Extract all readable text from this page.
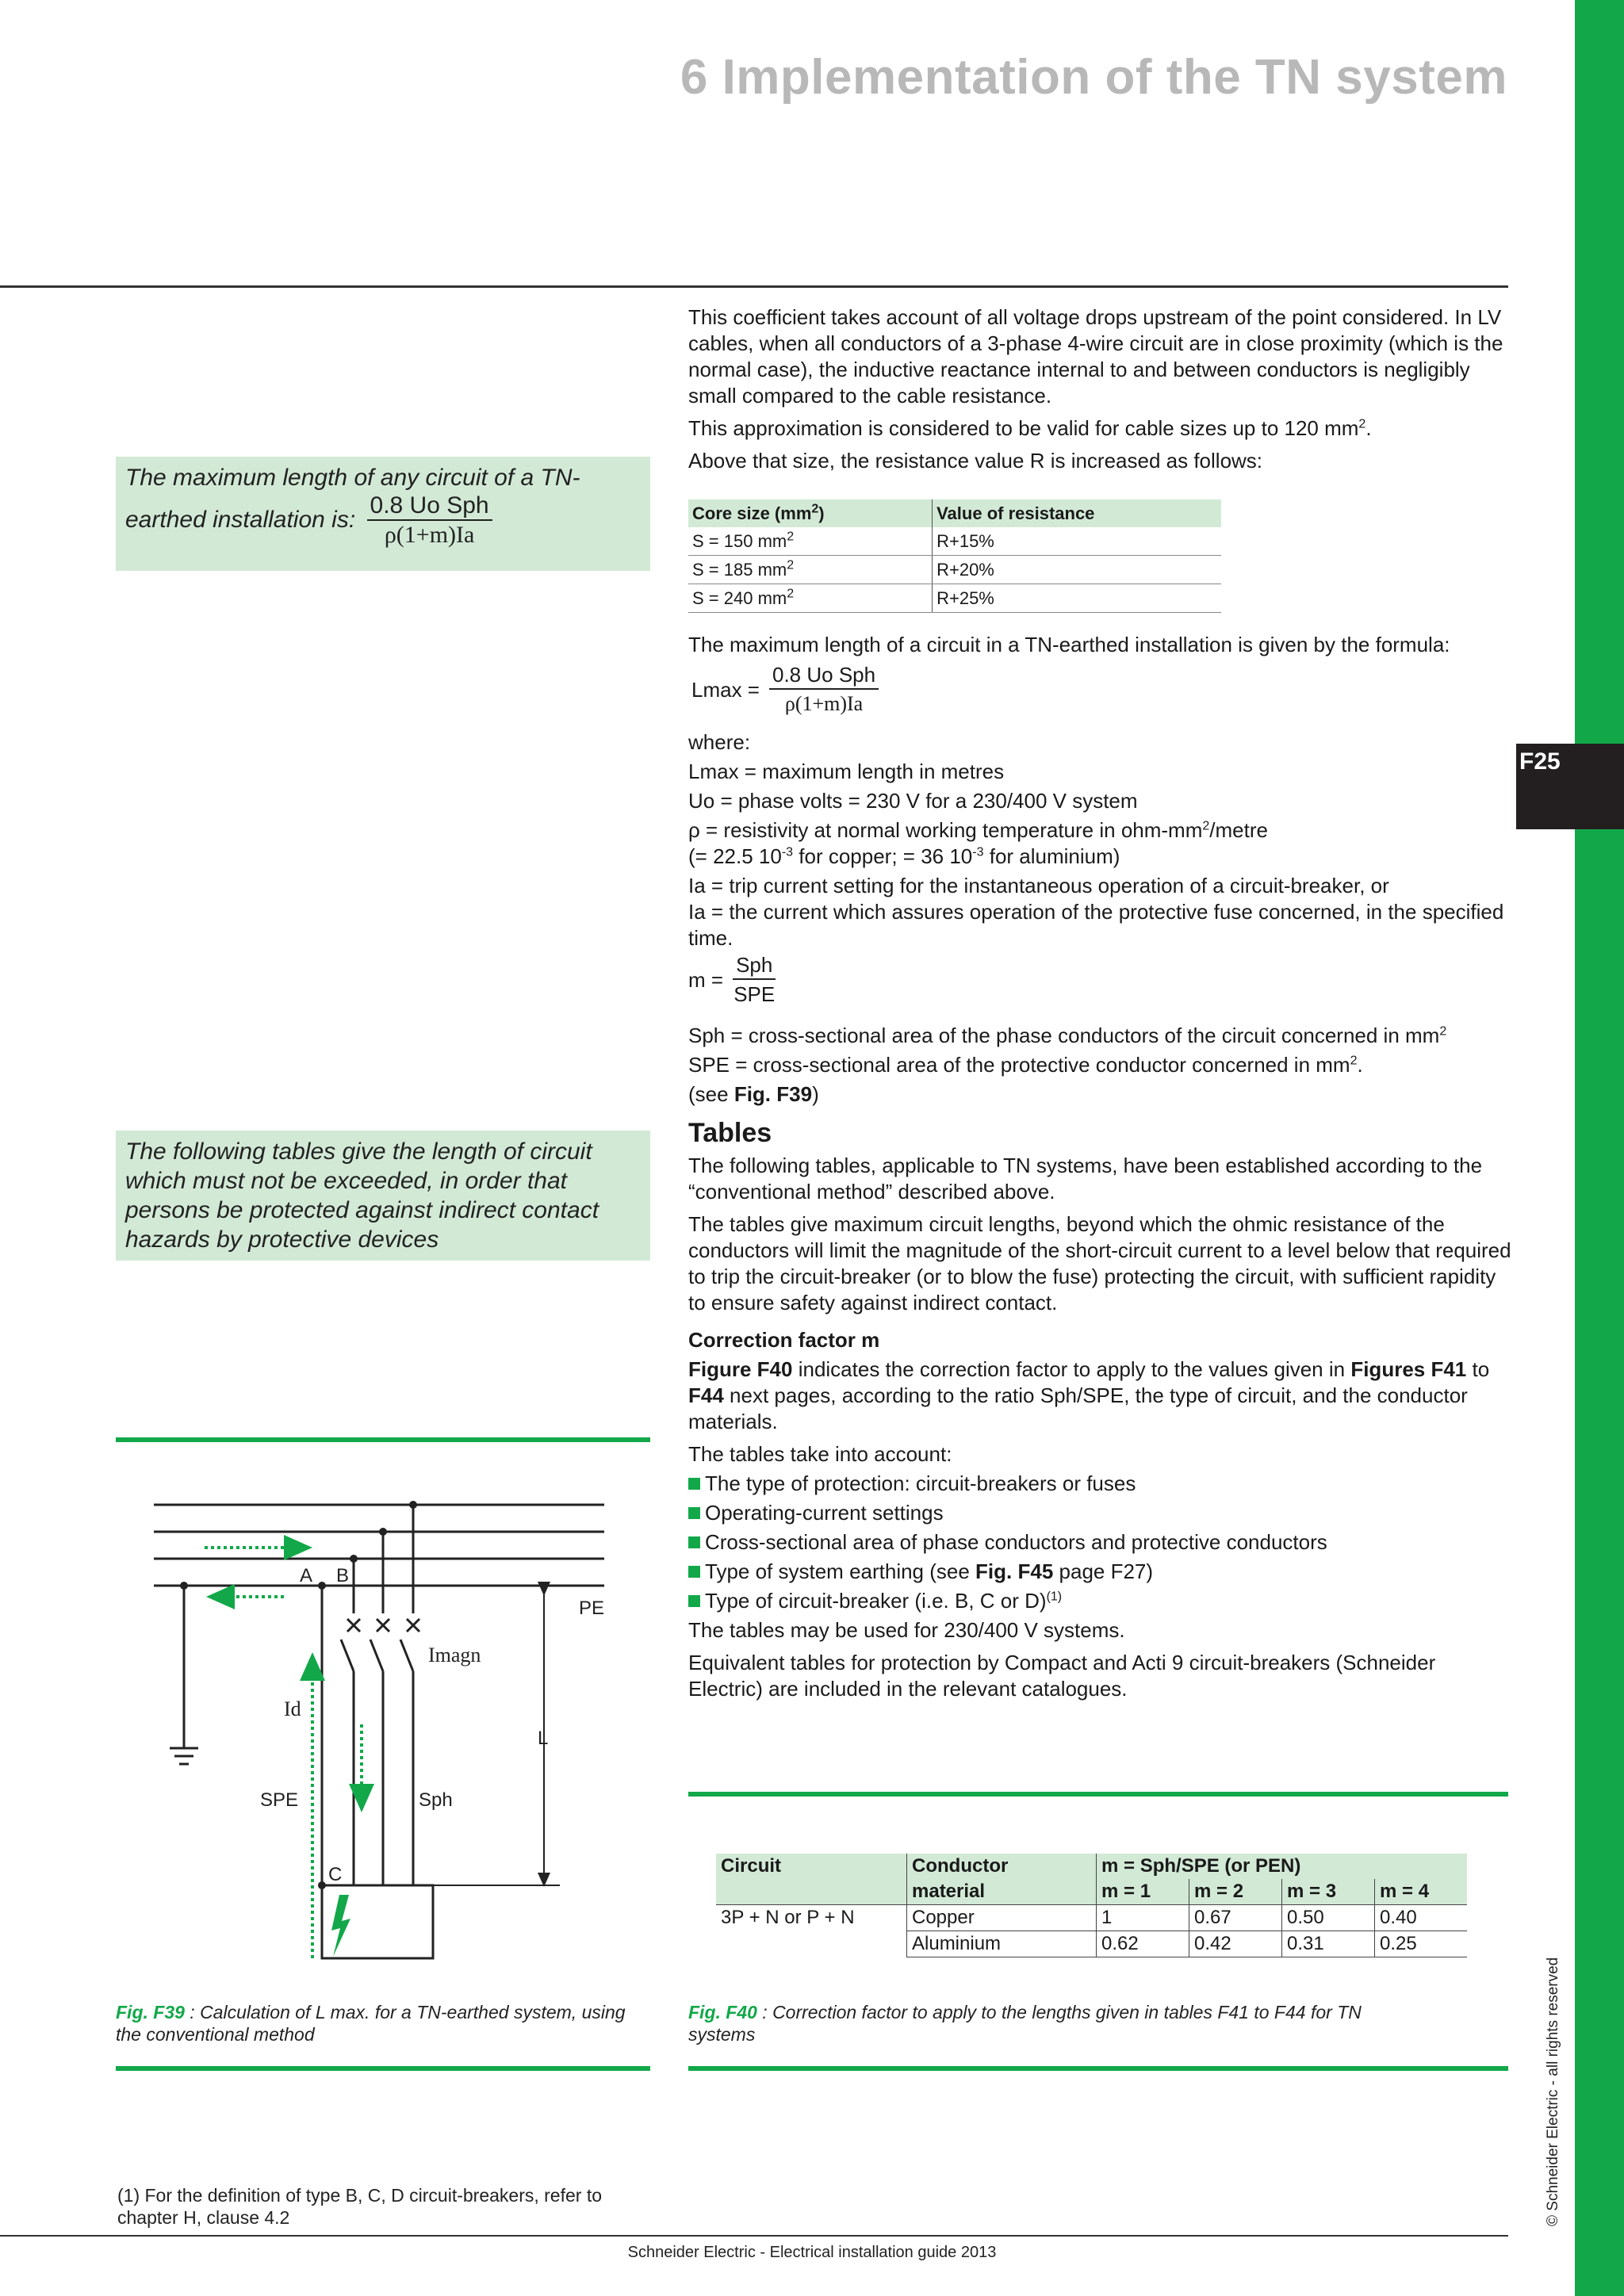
F25
© Schneider Electric - all rights reserved
6 Implementation of the TN system
The maximum length of any circuit of a TN-earthed installation is: $\frac{\text{0.8 Uo Sph}}{\rho(1+m)Ia}$
The following tables give the length of circuit which must not be exceeded, in order that persons be protected against indirect contact hazards by protective devices

This coefficient takes account of all voltage drops upstream of the point considered. In LV cables, when all conductors of a 3-phase 4-wire circuit are in close proximity (which is the normal case), the inductive reactance internal to and between conductors is negligibly small compared to the cable resistance.

This approximation is considered to be valid for cable sizes up to 120 $mm^2$.

Above that size, the resistance value R is increased as follows:

Core size $(mm^2)$	Value of resistance
S = 150 $mm^2$	R+15%
S = 185 $mm^2$	R+20%
S = 240 $mm^2$	R+25%

The maximum length of a circuit in a TN-earthed installation is given by the formula:

$Lmax = \frac{\text{0.8 Uo Sph}}{\rho(1+m)Ia}$

where:

Lmax = maximum length in metres

Uo = phase volts = 230 V for a 230/400 V system

ρ = resistivity at normal working temperature in ohm-$mm^2$/metre

(= 22.5 $10^{-3}$ for copper; = 36 $10^{-3}$ for aluminium)

Ia = trip current setting for the instantaneous operation of a circuit-breaker, or

Ia = the current which assures operation of the protective fuse concerned, in the specified time.

$m = \frac{\text{Sph}}{\text{SPE}}$

Sph = cross-sectional area of the phase conductors of the circuit concerned in $mm^2$

SPE = cross-sectional area of the protective conductor concerned in $mm^2$.

(see Fig. F39)

Tables

The following tables, applicable to TN systems, have been established according to the “conventional method” described above.

The tables give maximum circuit lengths, beyond which the ohmic resistance of the conductors will limit the magnitude of the short-circuit current to a level below that required to trip the circuit-breaker (or to blow the fuse) protecting the circuit, with sufficient rapidity to ensure safety against indirect contact.

Correction factor m

Figure F40 indicates the correction factor to apply to the values given in Figures F41 to F44 next pages, according to the ratio Sph/SPE, the type of circuit, and the conductor materials.

The tables take into account:

The type of protection: circuit-breakers or fuses

Operating-current settings

Cross-sectional area of phase conductors and protective conductors

Type of system earthing (see Fig. F45 page F27)

Type of circuit-breaker (i.e. B, C or D)$^{(1)}$

The tables may be used for 230/400 V systems.

Equivalent tables for protection by Compact and Acti 9 circuit-breakers (Schneider Electric) are included in the relevant catalogues.

A B
PE
Imagn
Id
L
SPE	Sph
C
Fig. F39 : Calculation of L max. for a TN-earthed system, using the conventional method
Circuit	Conductor	m = Sph/SPE (or PEN)			
	material	m = 1	m = 2	m = 3	m = 4
3P + N or P + N	Copper	1	0.67	0.50	0.40
	Aluminium	0.62	0.42	0.31	0.25
Fig. F40 : Correction factor to apply to the lengths given in tables F41 to F44 for TN systems
(1) For the definition of type B, C, D circuit-breakers, refer to chapter H, clause 4.2
Schneider Electric - Electrical installation guide 2013
